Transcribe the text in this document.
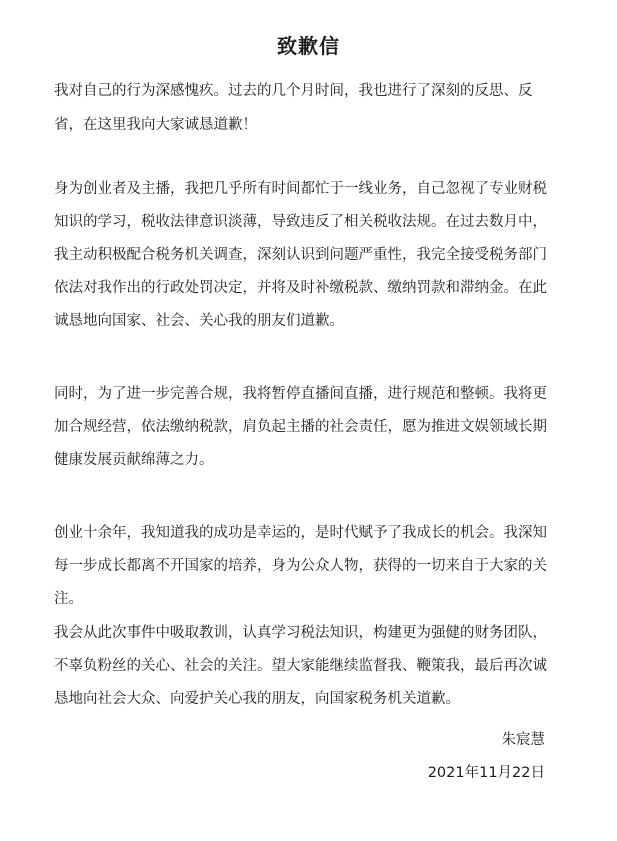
致歉信
我对自己的行为深感愧疚。过去的几个月时间，我也进行了深刻的反思、反
省，在这里我向大家诚恳道歉！
身为创业者及主播，我把几乎所有时间都忙于一线业务，自己忽视了专业财税
知识的学习，税收法律意识淡薄，导致违反了相关税收法规。在过去数月中，
我主动积极配合税务机关调查，深刻认识到问题严重性，我完全接受税务部门
依法对我作出的行政处罚决定，并将及时补缴税款、缴纳罚款和滞纳金。在此
诚恳地向国家、社会、关心我的朋友们道歉。
同时，为了进一步完善合规，我将暂停直播间直播，进行规范和整顿。我将更
加合规经营，依法缴纳税款，肩负起主播的社会责任，愿为推进文娱领域长期
健康发展贡献绵薄之力。
创业十余年，我知道我的成功是幸运的，是时代赋予了我成长的机会。我深知
每一步成长都离不开国家的培养，身为公众人物，获得的一切来自于大家的关
注。
我会从此次事件中吸取教训，认真学习税法知识，构建更为强健的财务团队，
不辜负粉丝的关心、社会的关注。望大家能继续监督我、鞭策我，最后再次诚
恳地向社会大众、向爱护关心我的朋友，向国家税务机关道歉。
朱宸慧
2021年11月22日
